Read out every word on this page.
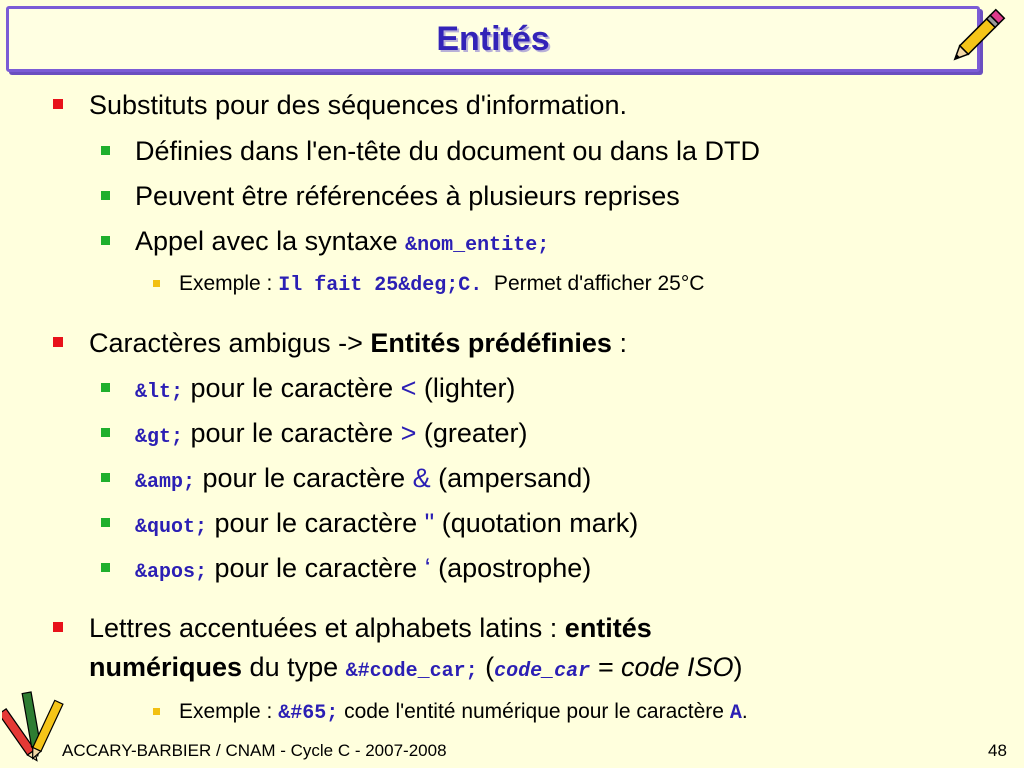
Entités
Substituts pour des séquences d'information.
Définies dans l'en-tête du document ou dans la DTD
Peuvent être référencées à plusieurs reprises
Appel avec la syntaxe &nom_entite;
Exemple : Il fait 25&deg;C.  Permet d'afficher 25°C
Caractères ambigus -> Entités prédéfinies :
&lt; pour le caractère < (lighter)
&gt; pour le caractère > (greater)
&amp; pour le caractère & (ampersand)
&quot; pour le caractère " (quotation mark)
&apos; pour le caractère ‘ (apostrophe)
Lettres accentuées et alphabets latins : entités
numériques du type &#code_car; (code_car = code ISO)
Exemple : &#65; code l'entité numérique pour le caractère A.
ACCARY-BARBIER / CNAM - Cycle C - 2007-2008	48
